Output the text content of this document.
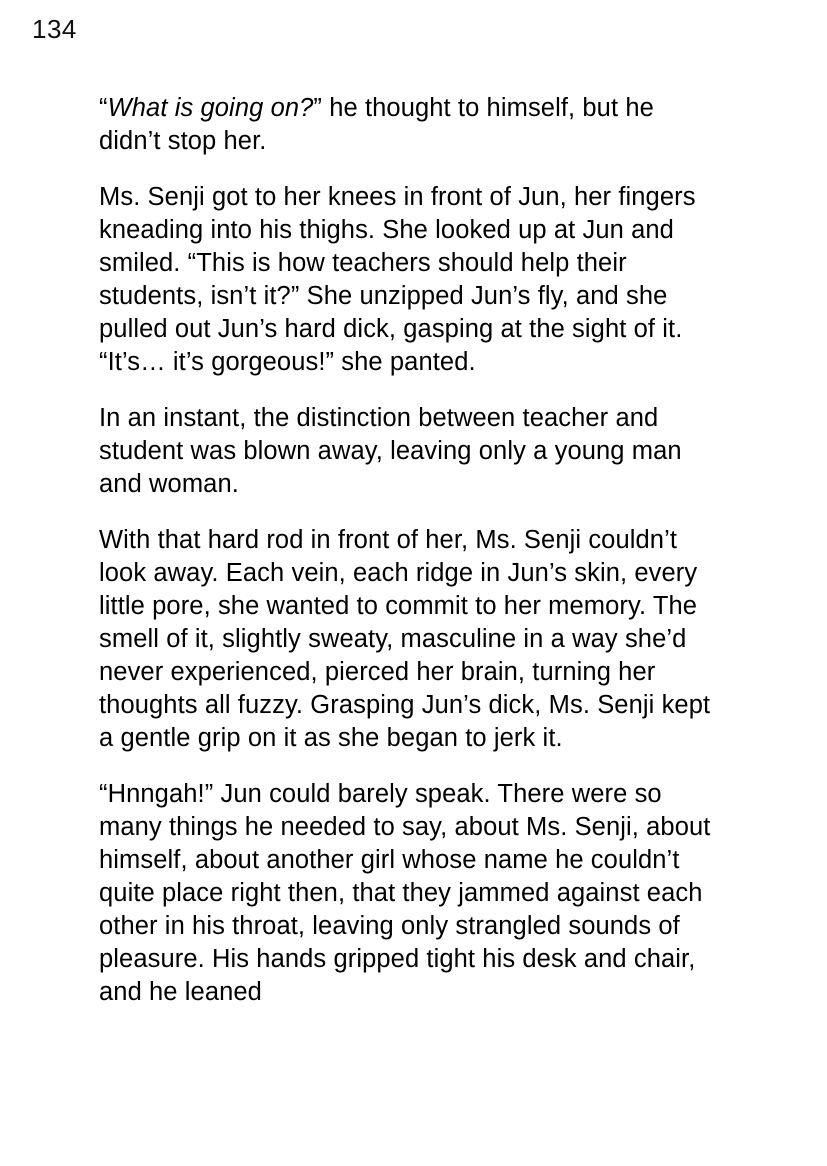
134

“What is going on?” he thought to himself, but he didn’t stop her.

Ms. Senji got to her knees in front of Jun, her fingers kneading into his thighs. She looked up at Jun and smiled. “This is how teachers should help their students, isn’t it?” She unzipped Jun’s fly, and she pulled out Jun’s hard dick, gasping at the sight of it. “It’s… it’s gorgeous!” she panted.

In an instant, the distinction between teacher and student was blown away, leaving only a young man and woman.

With that hard rod in front of her, Ms. Senji couldn’t look away. Each vein, each ridge in Jun’s skin, every little pore, she wanted to commit to her memory. The smell of it, slightly sweaty, masculine in a way she’d never experienced, pierced her brain, turning her thoughts all fuzzy. Grasping Jun’s dick, Ms. Senji kept a gentle grip on it as she began to jerk it.

“Hnngah!” Jun could barely speak. There were so many things he needed to say, about Ms. Senji, about himself, about another girl whose name he couldn’t quite place right then, that they jammed against each other in his throat, leaving only strangled sounds of pleasure. His hands gripped tight his desk and chair, and he leaned
